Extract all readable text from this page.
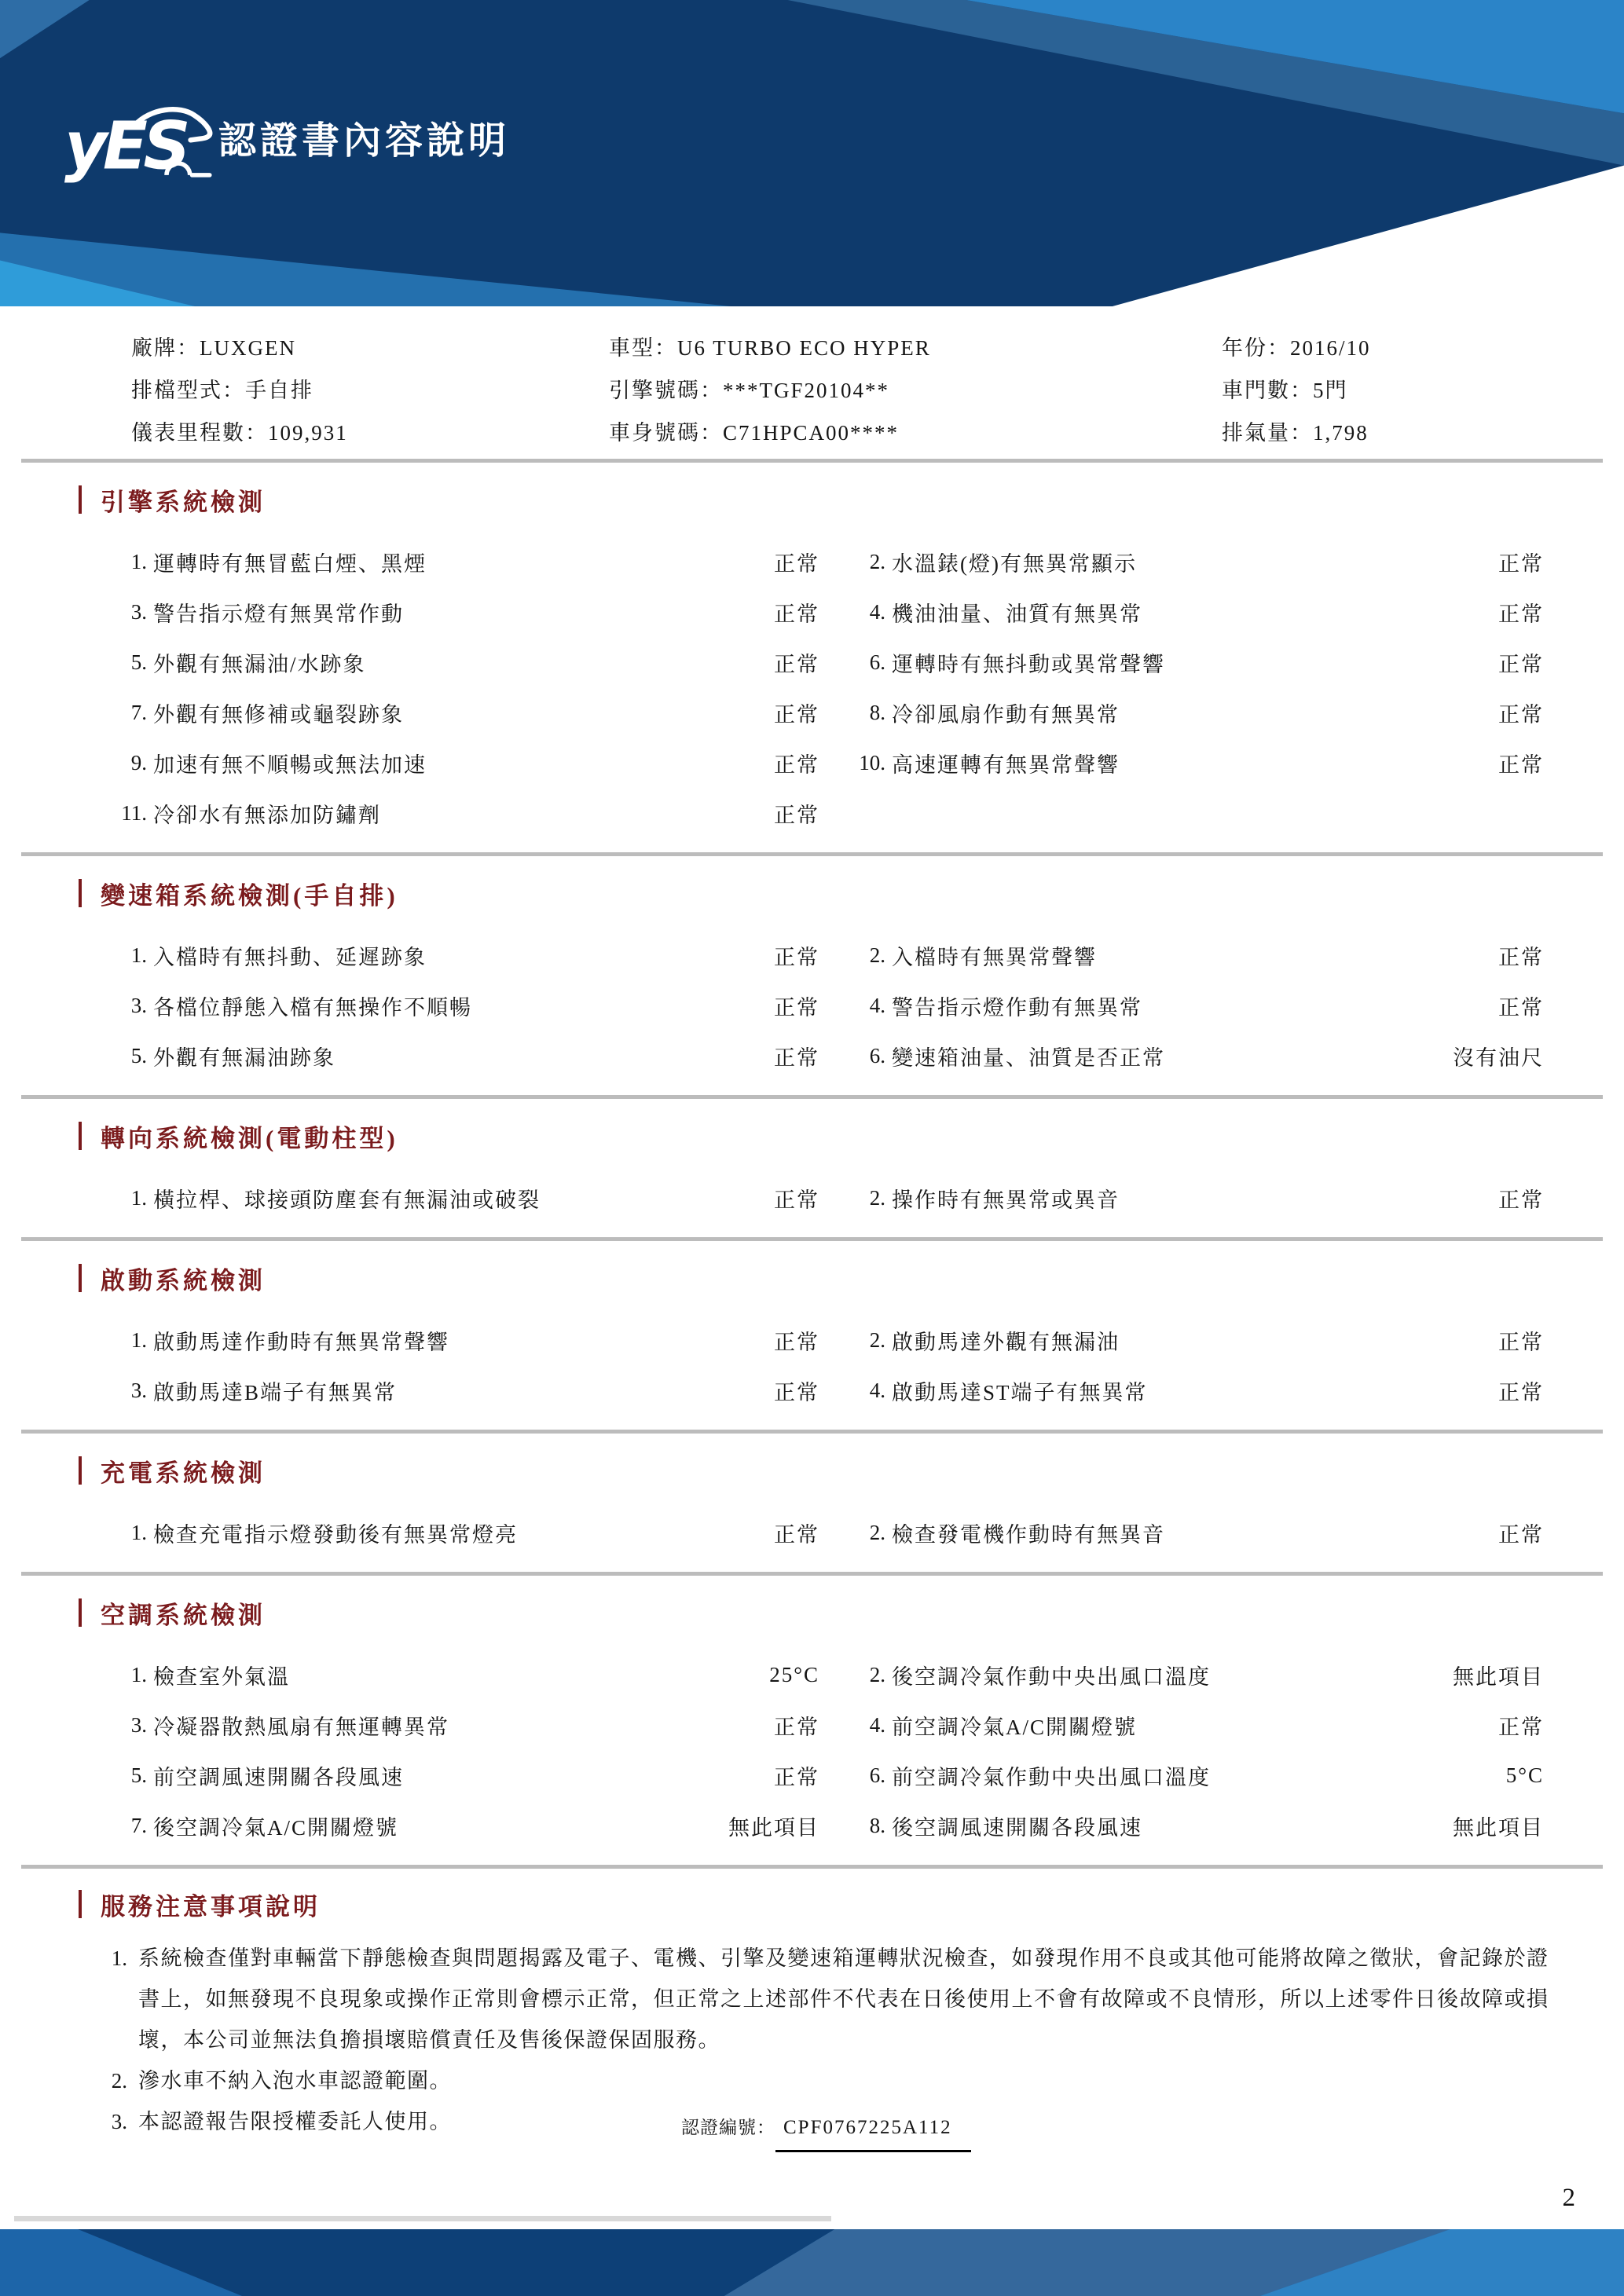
yES 認證書內容說明
廠牌：LUXGEN	車型：U6 TURBO ECO HYPER	年份：2016/10
排檔型式：手自排	引擎號碼：***TGF20104**	車門數：5門
儀表里程數：109,931	車身號碼：C71HPCA00****	排氣量：1,798
引擎系統檢測
1. 運轉時有無冒藍白煙、黑煙	正常	2. 水溫錶(燈)有無異常顯示	正常
3. 警告指示燈有無異常作動	正常	4. 機油油量、油質有無異常	正常
5. 外觀有無漏油/水跡象	正常	6. 運轉時有無抖動或異常聲響	正常
7. 外觀有無修補或龜裂跡象	正常	8. 冷卻風扇作動有無異常	正常
9. 加速有無不順暢或無法加速	正常	10. 高速運轉有無異常聲響	正常
11. 冷卻水有無添加防鏽劑	正常
變速箱系統檢測(手自排)
1. 入檔時有無抖動、延遲跡象	正常	2. 入檔時有無異常聲響	正常
3. 各檔位靜態入檔有無操作不順暢	正常	4. 警告指示燈作動有無異常	正常
5. 外觀有無漏油跡象	正常	6. 變速箱油量、油質是否正常	沒有油尺
轉向系統檢測(電動柱型)
1. 橫拉桿、球接頭防塵套有無漏油或破裂	正常	2. 操作時有無異常或異音	正常
啟動系統檢測
1. 啟動馬達作動時有無異常聲響	正常	2. 啟動馬達外觀有無漏油	正常
3. 啟動馬達B端子有無異常	正常	4. 啟動馬達ST端子有無異常	正常
充電系統檢測
1. 檢查充電指示燈發動後有無異常燈亮	正常	2. 檢查發電機作動時有無異音	正常
空調系統檢測
1. 檢查室外氣溫	25°C	2. 後空調冷氣作動中央出風口溫度	無此項目
3. 冷凝器散熱風扇有無運轉異常	正常	4. 前空調冷氣A/C開關燈號	正常
5. 前空調風速開關各段風速	正常	6. 前空調冷氣作動中央出風口溫度	5°C
7. 後空調冷氣A/C開關燈號	無此項目	8. 後空調風速開關各段風速	無此項目
服務注意事項說明
1. 系統檢查僅對車輛當下靜態檢查與問題揭露及電子、電機、引擎及變速箱運轉狀況檢查，如發現作用不良或其他可能將故障之徵狀，會記錄於證書上，如無發現不良現象或操作正常則會標示正常，但正常之上述部件不代表在日後使用上不會有故障或不良情形，所以上述零件日後故障或損壞，本公司並無法負擔損壞賠償責任及售後保證保固服務。
2. 滲水車不納入泡水車認證範圍。
3. 本認證報告限授權委託人使用。	認證編號： CPF0767225A112
2
